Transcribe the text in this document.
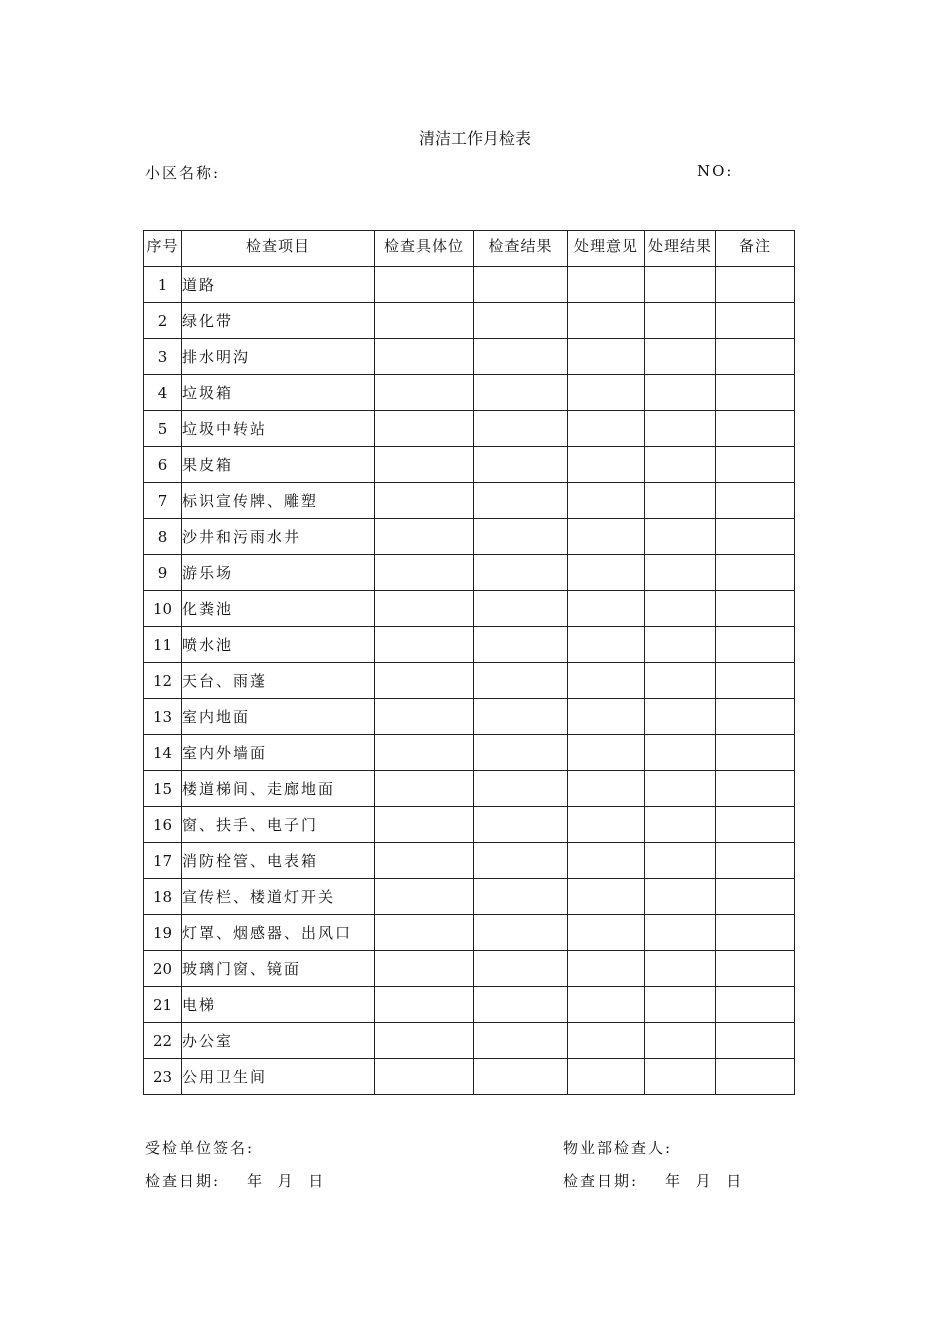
清洁工作月检表
小区名称:	NO:
序号	检查项目	检查具体位	检查结果	处理意见	处理结果	备注
1	道路					
2	绿化带					
3	排水明沟					
4	垃圾箱					
5	垃圾中转站					
6	果皮箱					
7	标识宣传牌、雕塑					
8	沙井和污雨水井					
9	游乐场					
10	化粪池					
11	喷水池					
12	天台、雨蓬					
13	室内地面					
14	室内外墙面					
15	楼道梯间、走廊地面					
16	窗、扶手、电子门					
17	消防栓管、电表箱					
18	宣传栏、楼道灯开关					
19	灯罩、烟感器、出风口					
20	玻璃门窗、镜面					
21	电梯					
22	办公室					
23	公用卫生间					
受检单位签名:	物业部检查人:
检查日期:    年  月  日	检查日期:    年  月  日
